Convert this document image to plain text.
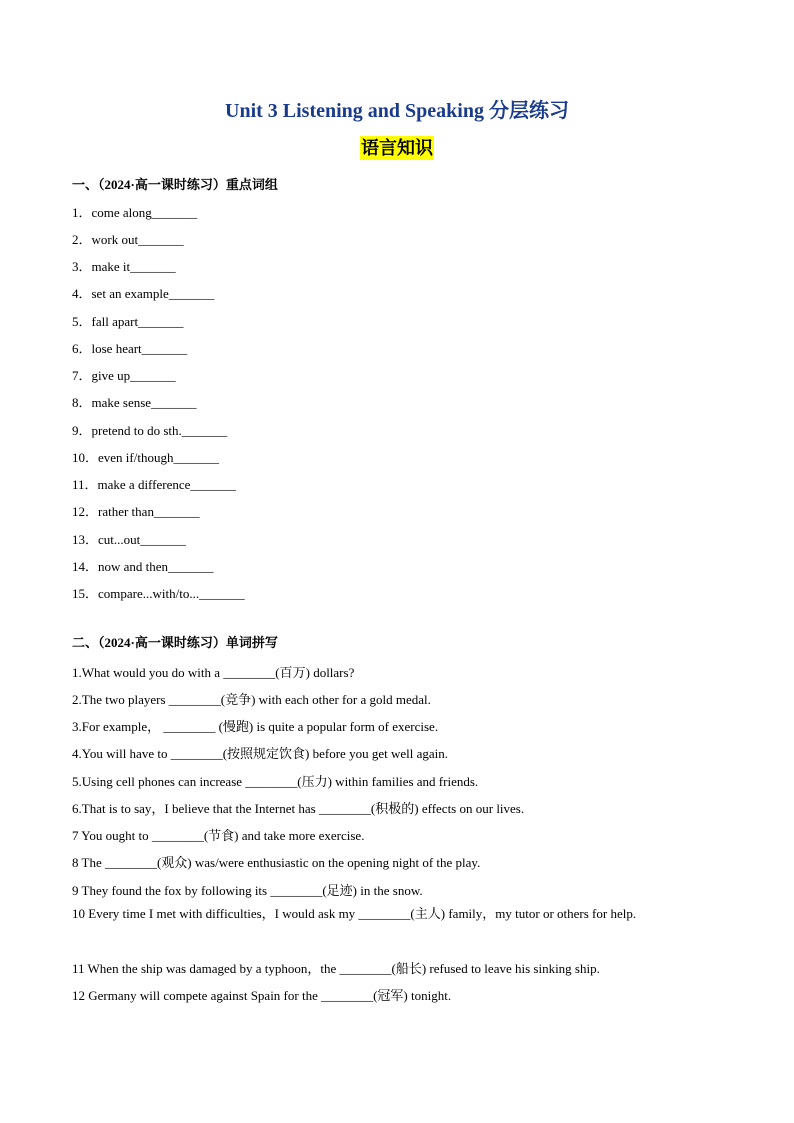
Unit 3 Listening and Speaking 分层练习
语言知识
一、（2024·高一课时练习）重点词组
1．come along_______
2．work out_______
3．make it_______
4．set an example_______
5．fall apart_______
6．lose heart_______
7．give up_______
8．make sense_______
9．pretend to do sth._______
10．even if/though_______
11．make a difference_______
12．rather than_______
13．cut...out_______
14．now and then_______
15．compare...with/to..._______
二、（2024·高一课时练习）单词拼写
1.What would you do with a ________(百万) dollars?
2.The two players ________(竞争) with each other for a gold medal.
3.For example， ________ (慢跑) is quite a popular form of exercise.
4.You will have to ________(按照规定饮食) before you get well again.
5.Using cell phones can increase ________(压力) within families and friends.
6.That is to say，I believe that the Internet has ________(积极的) effects on our lives.
7 You ought to ________(节食) and take more exercise.
8 The ________(观众) was/were enthusiastic on the opening night of the play.
9 They found the fox by following its ________(足迹) in the snow.
10 Every time I met with difficulties，I would ask my ________(主人) family，my tutor or others for help.
11 When the ship was damaged by a typhoon，the ________(船长) refused to leave his sinking ship.
12 Germany will compete against Spain for the ________(冠军) tonight.
